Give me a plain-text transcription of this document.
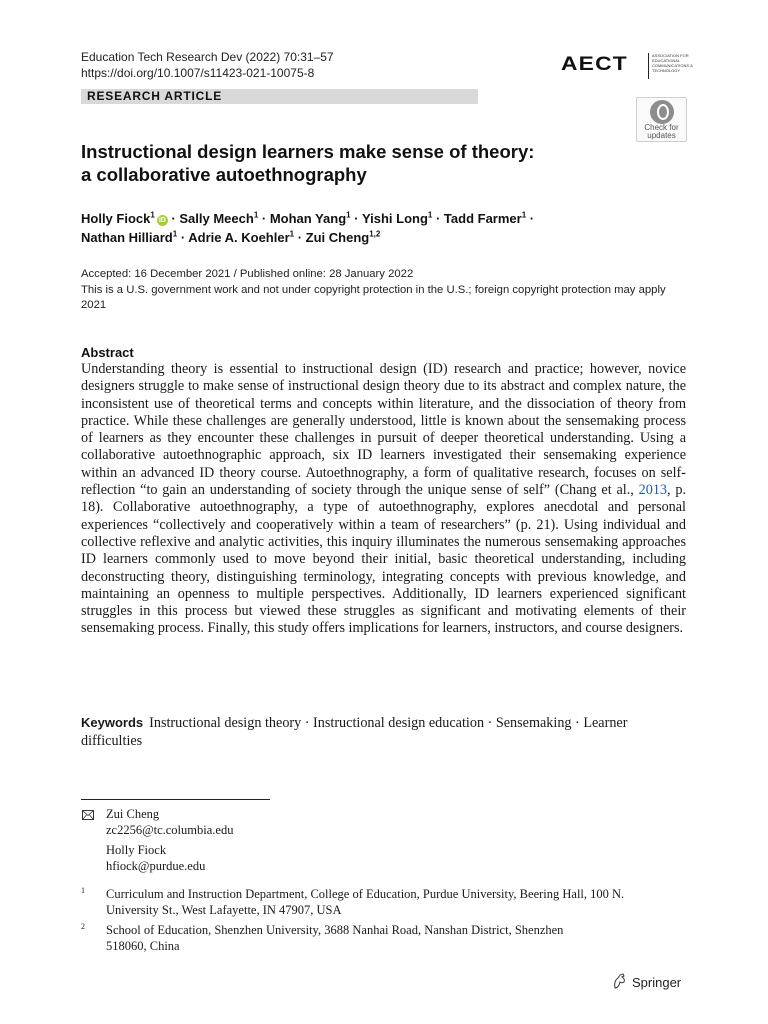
Education Tech Research Dev (2022) 70:31–57
https://doi.org/10.1007/s11423-021-10075-8	AECT	ASSOCIATION FOR
EDUCATIONAL
COMMUNICATIONS &
TECHNOLOGY
RESEARCH ARTICLE
Check for
updates
Instructional design learners make sense of theory:
a collaborative autoethnography
Holly Fiock$^1$iD · Sally Meech$^1$ · Mohan Yang$^1$ · Yishi Long$^1$ · Tadd Farmer$^1$ ·
Nathan Hilliard$^1$ · Adrie A. Koehler$^1$ · Zui Cheng$^{1,2}$
Accepted: 16 December 2021 / Published online: 28 January 2022
This is a U.S. government work and not under copyright protection in the U.S.; foreign copyright protection may apply 2021
Abstract

Understanding theory is essential to instructional design (ID) research and practice; however, novice designers struggle to make sense of instructional design theory due to its abstract and complex nature, the inconsistent use of theoretical terms and concepts within literature, and the dissociation of theory from practice. While these challenges are generally understood, little is known about the sensemaking process of learners as they encounter these challenges in pursuit of deeper theoretical understanding. Using a collaborative autoethnographic approach, six ID learners investigated their sensemaking experience within an advanced ID theory course. Autoethnography, a form of qualitative research, focuses on self-reflection “to gain an understanding of society through the unique sense of self” (Chang et al., 2013, p. 18). Collaborative autoethnography, a type of autoethnography, explores anecdotal and personal experiences “collectively and cooperatively within a team of researchers” (p. 21). Using individual and collective reflexive and analytic activities, this inquiry illuminates the numerous sensemaking approaches ID learners commonly used to move beyond their initial, basic theoretical understanding, including deconstructing theory, distinguishing terminology, integrating concepts with previous knowledge, and maintaining an openness to multiple perspectives. Additionally, ID learners experienced significant struggles in this process but viewed these struggles as significant and motivating elements of their sensemaking process. Finally, this study offers implications for learners, instructors, and course designers.

Keywords Instructional design theory · Instructional design education · Sensemaking · Learner difficulties
Zui Cheng
zc2256@tc.columbia.edu
Holly Fiock
hfiock@purdue.edu
1 Curriculum and Instruction Department, College of Education, Purdue University, Beering Hall, 100 N. University St., West Lafayette, IN 47907, USA
2 School of Education, Shenzhen University, 3688 Nanhai Road, Nanshan District, Shenzhen 518060, China
Springer
